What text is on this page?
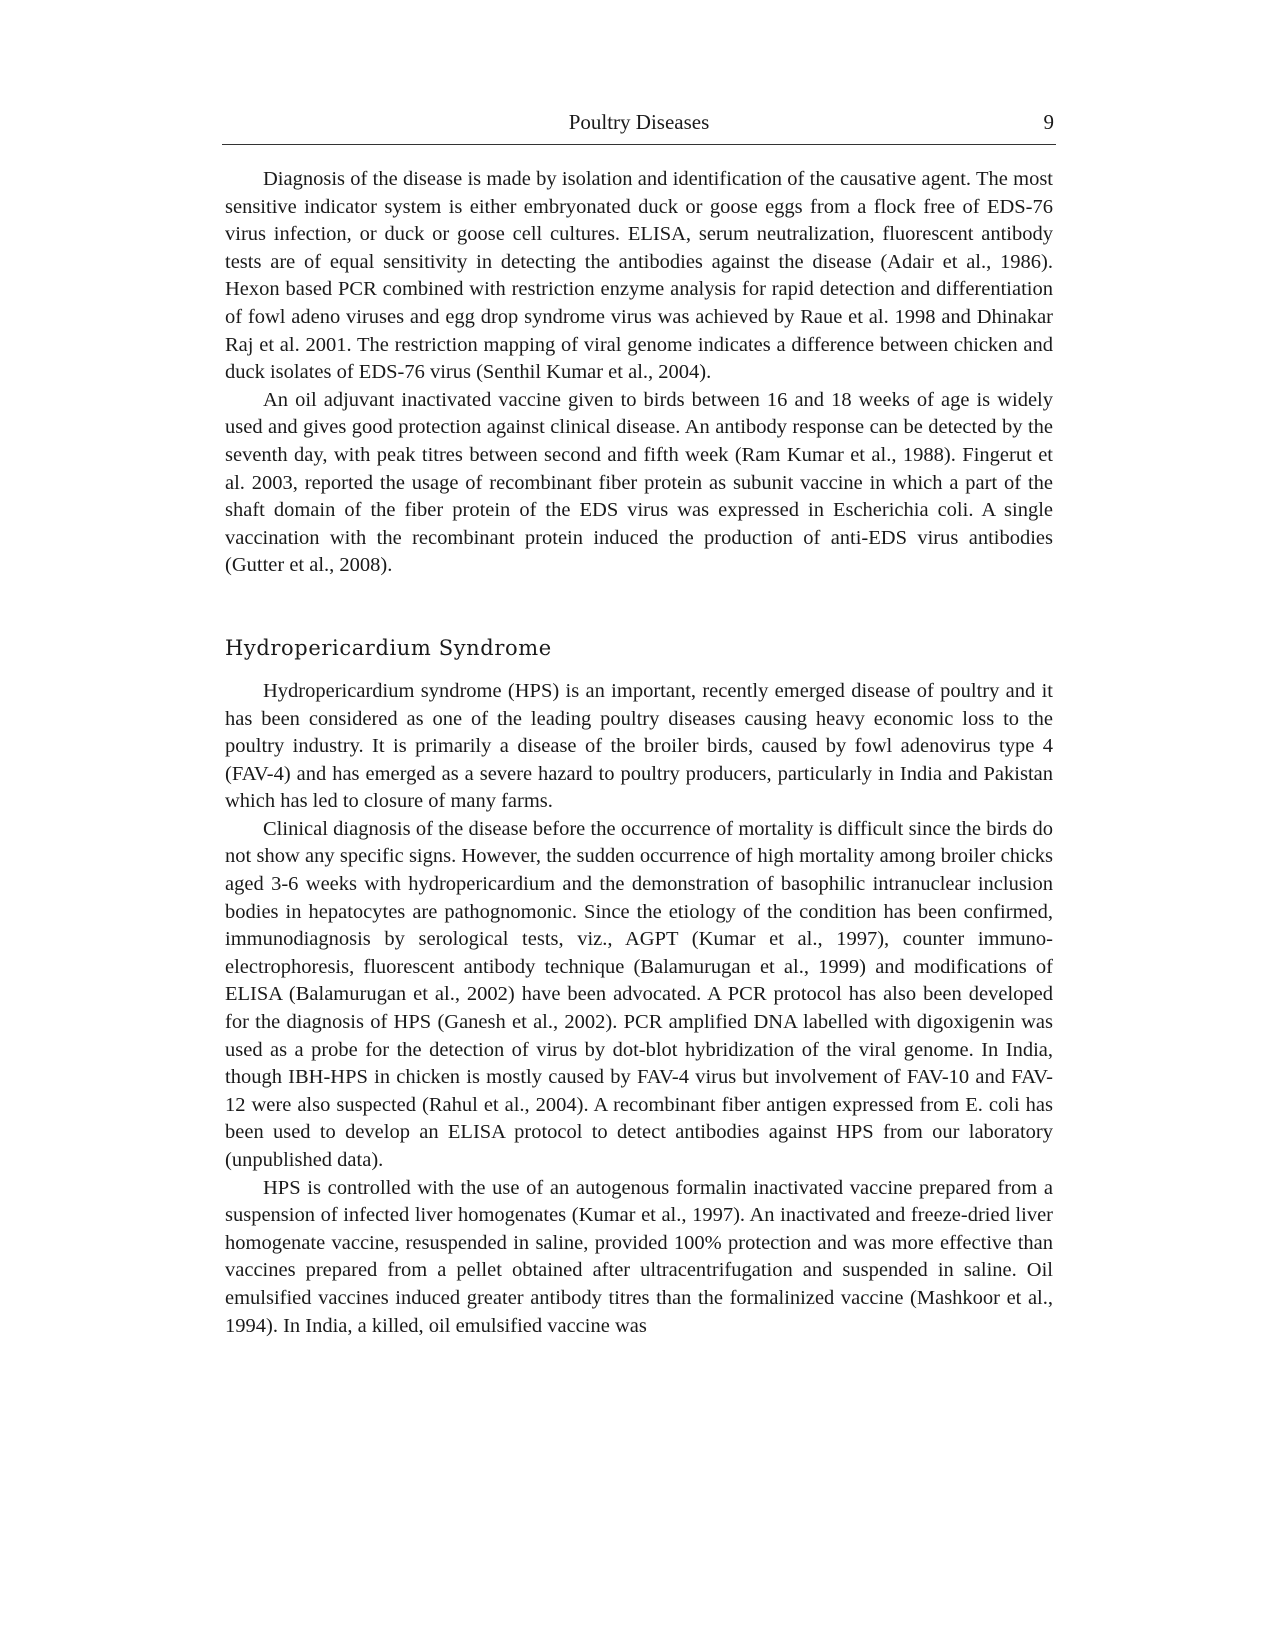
Poultry Diseases	9

Diagnosis of the disease is made by isolation and identification of the causative agent. The most sensitive indicator system is either embryonated duck or goose eggs from a flock free of EDS-76 virus infection, or duck or goose cell cultures. ELISA, serum neutralization, fluorescent antibody tests are of equal sensitivity in detecting the antibodies against the disease (Adair et al., 1986). Hexon based PCR combined with restriction enzyme analysis for rapid detection and differentiation of fowl adeno viruses and egg drop syndrome virus was achieved by Raue et al. 1998 and Dhinakar Raj et al. 2001. The restriction mapping of viral genome indicates a difference between chicken and duck isolates of EDS-76 virus (Senthil Kumar et al., 2004).

An oil adjuvant inactivated vaccine given to birds between 16 and 18 weeks of age is widely used and gives good protection against clinical disease. An antibody response can be detected by the seventh day, with peak titres between second and fifth week (Ram Kumar et al., 1988). Fingerut et al. 2003, reported the usage of recombinant fiber protein as subunit vaccine in which a part of the shaft domain of the fiber protein of the EDS virus was expressed in Escherichia coli. A single vaccination with the recombinant protein induced the production of anti-EDS virus antibodies (Gutter et al., 2008).

Hydropericardium Syndrome

Hydropericardium syndrome (HPS) is an important, recently emerged disease of poultry and it has been considered as one of the leading poultry diseases causing heavy economic loss to the poultry industry. It is primarily a disease of the broiler birds, caused by fowl adenovirus type 4 (FAV-4) and has emerged as a severe hazard to poultry producers, particularly in India and Pakistan which has led to closure of many farms.

Clinical diagnosis of the disease before the occurrence of mortality is difficult since the birds do not show any specific signs. However, the sudden occurrence of high mortality among broiler chicks aged 3-6 weeks with hydropericardium and the demonstration of basophilic intranuclear inclusion bodies in hepatocytes are pathognomonic. Since the etiology of the condition has been confirmed, immunodiagnosis by serological tests, viz., AGPT (Kumar et al., 1997), counter immuno-electrophoresis, fluorescent antibody technique (Balamurugan et al., 1999) and modifications of ELISA (Balamurugan et al., 2002) have been advocated. A PCR protocol has also been developed for the diagnosis of HPS (Ganesh et al., 2002). PCR amplified DNA labelled with digoxigenin was used as a probe for the detection of virus by dot-blot hybridization of the viral genome. In India, though IBH-HPS in chicken is mostly caused by FAV-4 virus but involvement of FAV-10 and FAV-12 were also suspected (Rahul et al., 2004). A recombinant fiber antigen expressed from E. coli has been used to develop an ELISA protocol to detect antibodies against HPS from our laboratory (unpublished data).

HPS is controlled with the use of an autogenous formalin inactivated vaccine prepared from a suspension of infected liver homogenates (Kumar et al., 1997). An inactivated and freeze-dried liver homogenate vaccine, resuspended in saline, provided 100% protection and was more effective than vaccines prepared from a pellet obtained after ultracentrifugation and suspended in saline. Oil emulsified vaccines induced greater antibody titres than the formalinized vaccine (Mashkoor et al., 1994). In India, a killed, oil emulsified vaccine was
